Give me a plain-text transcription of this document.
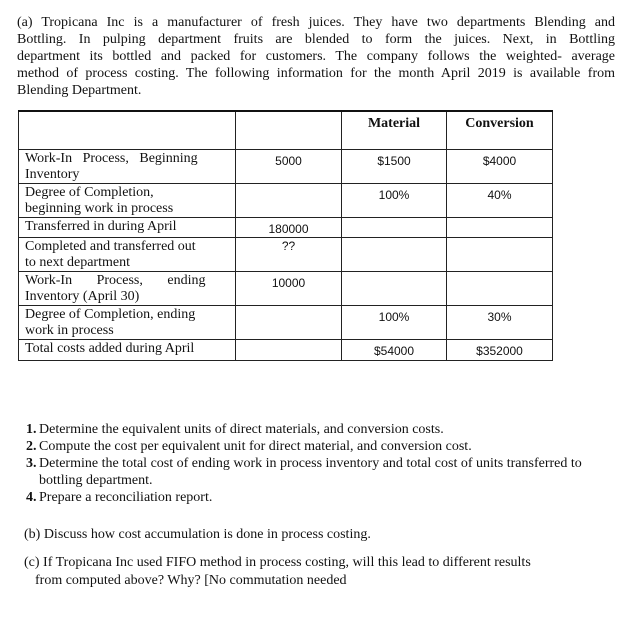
(a) Tropicana Inc is a manufacturer of fresh juices. They have two departments Blending and
Bottling. In pulping department fruits are blended to form the juices. Next, in Bottling
department its bottled and packed for customers. The company follows the weighted- average
method of process costing. The following information for the month April 2019 is available from
Blending Department.
		Material	Conversion
Work-In   Process,   Beginning
Inventory	5000	$1500	$4000
Degree of Completion,
beginning work in process		100%	40%
Transferred in during April	180000		
Completed and transferred out
to next department	??		
Work-In       Process,       ending
Inventory (April 30)	10000		
Degree of Completion, ending
work in process		100%	30%
Total costs added during April		$54000	$352000
1. Determine the equivalent units of direct materials, and conversion costs.
2. Compute the cost per equivalent unit for direct material, and conversion cost.
3. Determine the total cost of ending work in process inventory and total cost of units transferred to bottling department.
4. Prepare a reconciliation report.
(b) Discuss how cost accumulation is done in process costing.
(c) If Tropicana Inc used FIFO method in process costing, will this lead to different results
from computed above? Why? [No commutation needed
